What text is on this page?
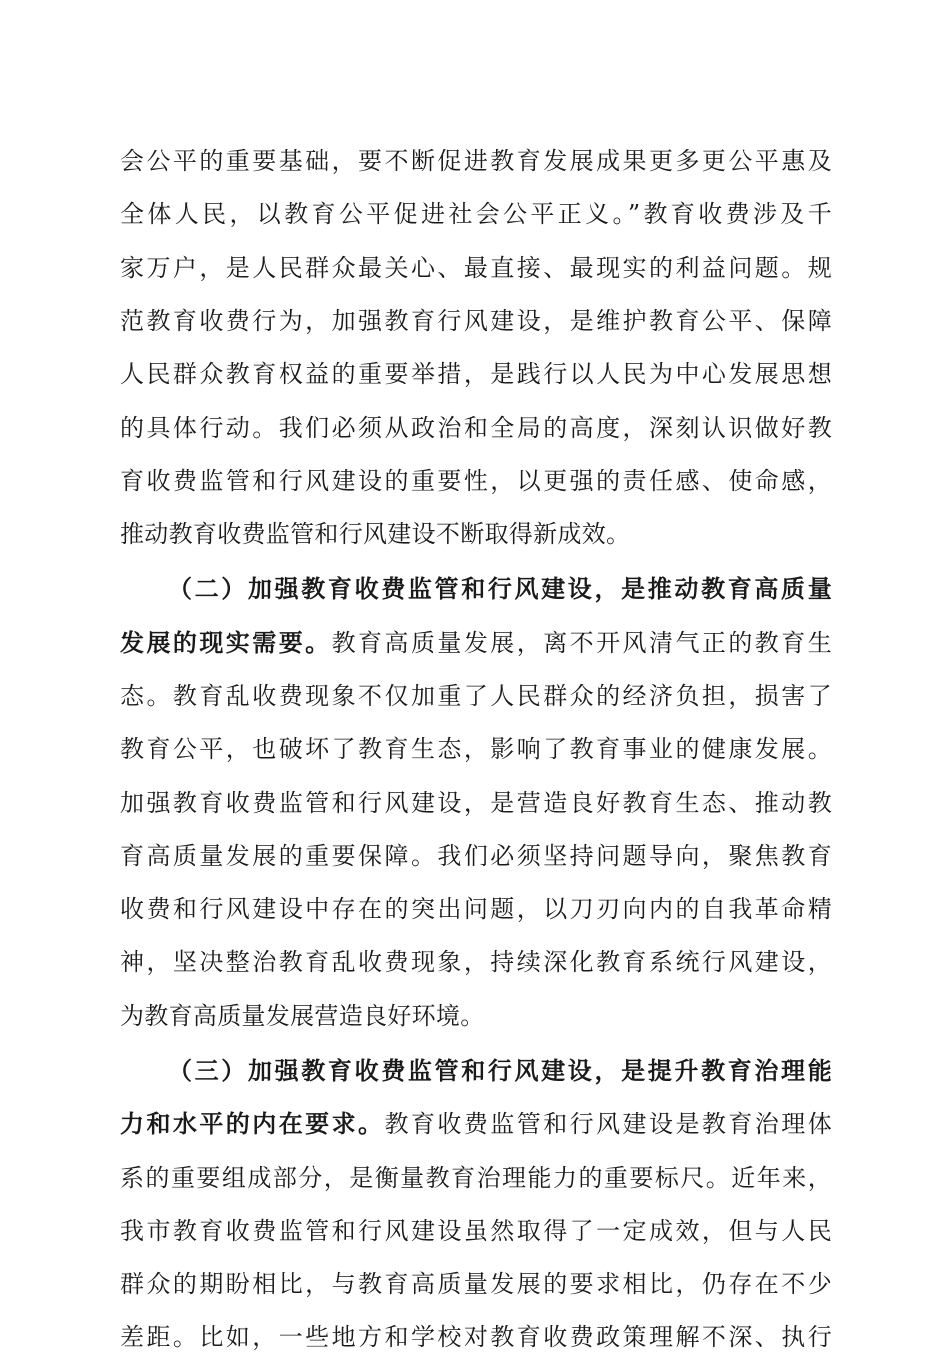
会公平的重要基础，要不断促进教育发展成果更多更公平惠及
全体人民，以教育公平促进社会公平正义。”教育收费涉及千
家万户，是人民群众最关心、最直接、最现实的利益问题。规
范教育收费行为，加强教育行风建设，是维护教育公平、保障
人民群众教育权益的重要举措，是践行以人民为中心发展思想
的具体行动。我们必须从政治和全局的高度，深刻认识做好教
育收费监管和行风建设的重要性，以更强的责任感、使命感，
推动教育收费监管和行风建设不断取得新成效。
（二）加强教育收费监管和行风建设，是推动教育高质量
发展的现实需要。教育高质量发展，离不开风清气正的教育生
态。教育乱收费现象不仅加重了人民群众的经济负担，损害了
教育公平，也破坏了教育生态，影响了教育事业的健康发展。
加强教育收费监管和行风建设，是营造良好教育生态、推动教
育高质量发展的重要保障。我们必须坚持问题导向，聚焦教育
收费和行风建设中存在的突出问题，以刀刃向内的自我革命精
神，坚决整治教育乱收费现象，持续深化教育系统行风建设，
为教育高质量发展营造良好环境。
（三）加强教育收费监管和行风建设，是提升教育治理能
力和水平的内在要求。教育收费监管和行风建设是教育治理体
系的重要组成部分，是衡量教育治理能力的重要标尺。近年来，
我市教育收费监管和行风建设虽然取得了一定成效，但与人民
群众的期盼相比，与教育高质量发展的要求相比，仍存在不少
差距。比如，一些地方和学校对教育收费政策理解不深、执行
